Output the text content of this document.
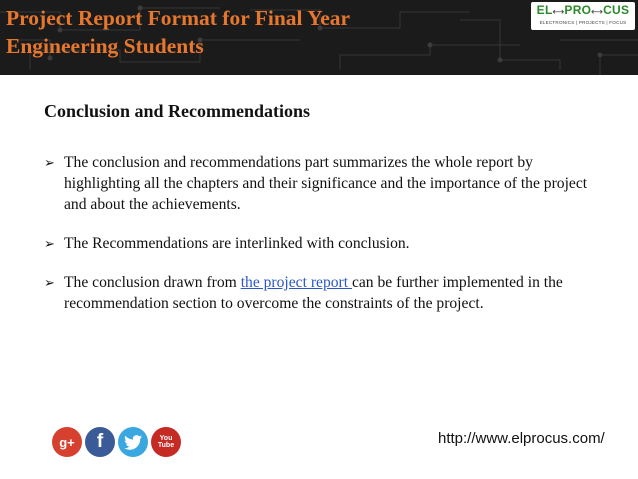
Project Report Format for Final Year
Engineering Students
EL⟷PRO⟷CUS
ELECTRONICS | PROJECTS | FOCUS
Conclusion and Recommendations
➢ The conclusion and recommendations part summarizes the whole report by highlighting all the chapters and their significance and the importance of the project and about the achievements.
➢ The Recommendations are interlinked with conclusion.
➢ The conclusion drawn from the project report can be further implemented in the recommendation section to overcome the constraints of the project.
g+ f	You
Tube	http://www.elprocus.com/
